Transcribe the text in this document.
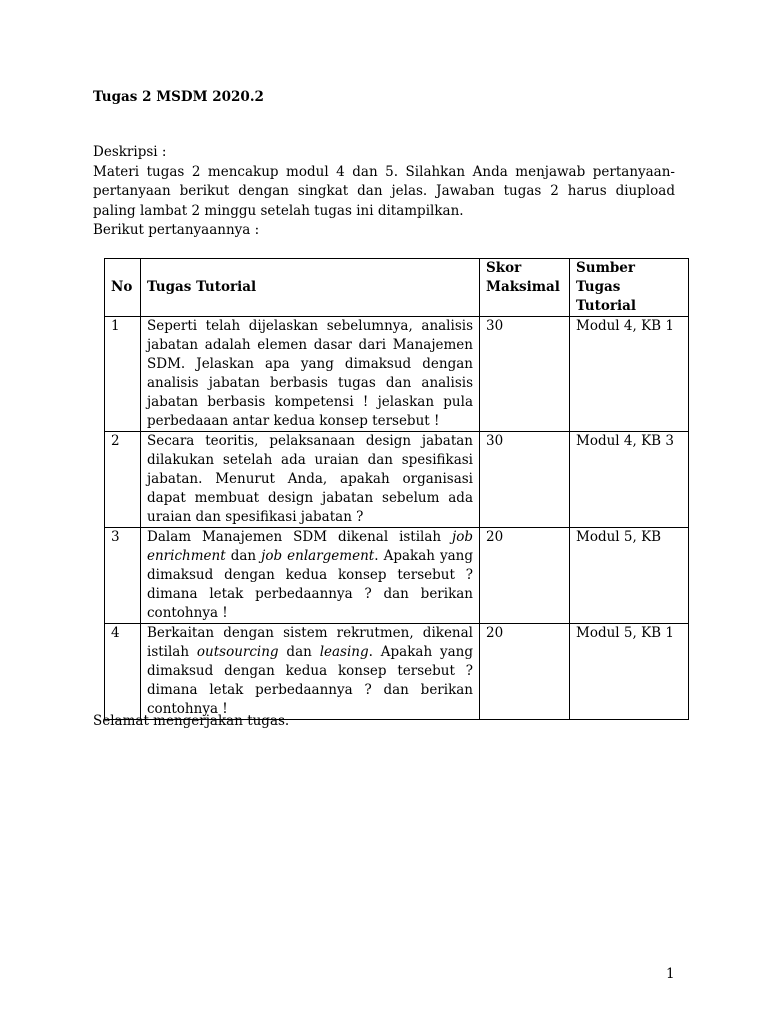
Tugas 2 MSDM 2020.2

Deskripsi :

Materi tugas 2 mencakup modul 4 dan 5. Silahkan Anda menjawab pertanyaan-pertanyaan berikut dengan singkat dan jelas. Jawaban tugas 2 harus diupload paling lambat 2 minggu setelah tugas ini ditampilkan.

Berikut pertanyaannya :

No	Tugas Tutorial	Skor Maksimal	Sumber Tugas Tutorial
1	Seperti telah dijelaskan sebelumnya, analisis jabatan adalah elemen dasar dari Manajemen SDM. Jelaskan apa yang dimaksud dengan analisis jabatan berbasis tugas dan analisis jabatan berbasis kompetensi ! jelaskan pula perbedaaan antar kedua konsep tersebut !	30	Modul 4, KB 1
2	Secara teoritis, pelaksanaan design jabatan dilakukan setelah ada uraian dan spesifikasi jabatan. Menurut Anda, apakah organisasi dapat membuat design jabatan sebelum ada uraian dan spesifikasi jabatan ?	30	Modul 4, KB 3
3	Dalam Manajemen SDM dikenal istilah job enrichment dan job enlargement. Apakah yang dimaksud dengan kedua konsep tersebut ? dimana letak perbedaannya ? dan berikan contohnya !	20	Modul 5, KB
4	Berkaitan dengan sistem rekrutmen, dikenal istilah outsourcing dan leasing. Apakah yang dimaksud dengan kedua konsep tersebut ? dimana letak perbedaannya ? dan berikan contohnya !	20	Modul 5, KB 1
Selamat mengerjakan tugas.
1
